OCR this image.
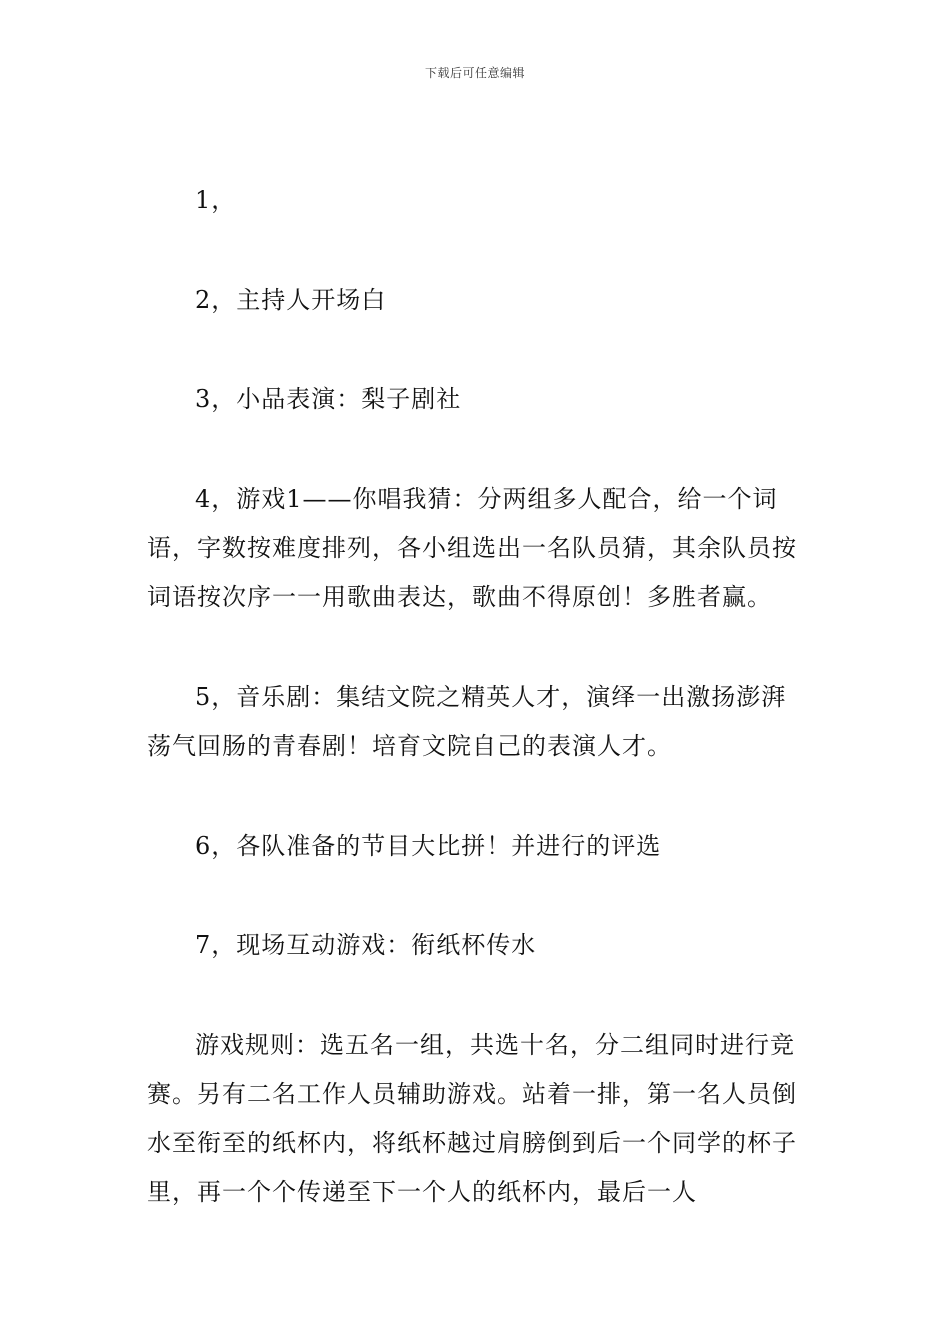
下载后可任意编辑

1，

2，主持人开场白

3，小品表演：梨子剧社

4，游戏1——你唱我猜：分两组多人配合，给一个词语，字数按难度排列，各小组选出一名队员猜，其余队员按词语按次序一一用歌曲表达，歌曲不得原创！多胜者赢。

5，音乐剧：集结文院之精英人才，演绎一出激扬澎湃荡气回肠的青春剧！培育文院自己的表演人才。

6，各队准备的节目大比拼！并进行的评选

7，现场互动游戏：衔纸杯传水

游戏规则：选五名一组，共选十名，分二组同时进行竞赛。另有二名工作人员辅助游戏。站着一排，第一名人员倒水至衔至的纸杯内，将纸杯越过肩膀倒到后一个同学的杯子里，再一个个传递至下一个人的纸杯内，最后一人
